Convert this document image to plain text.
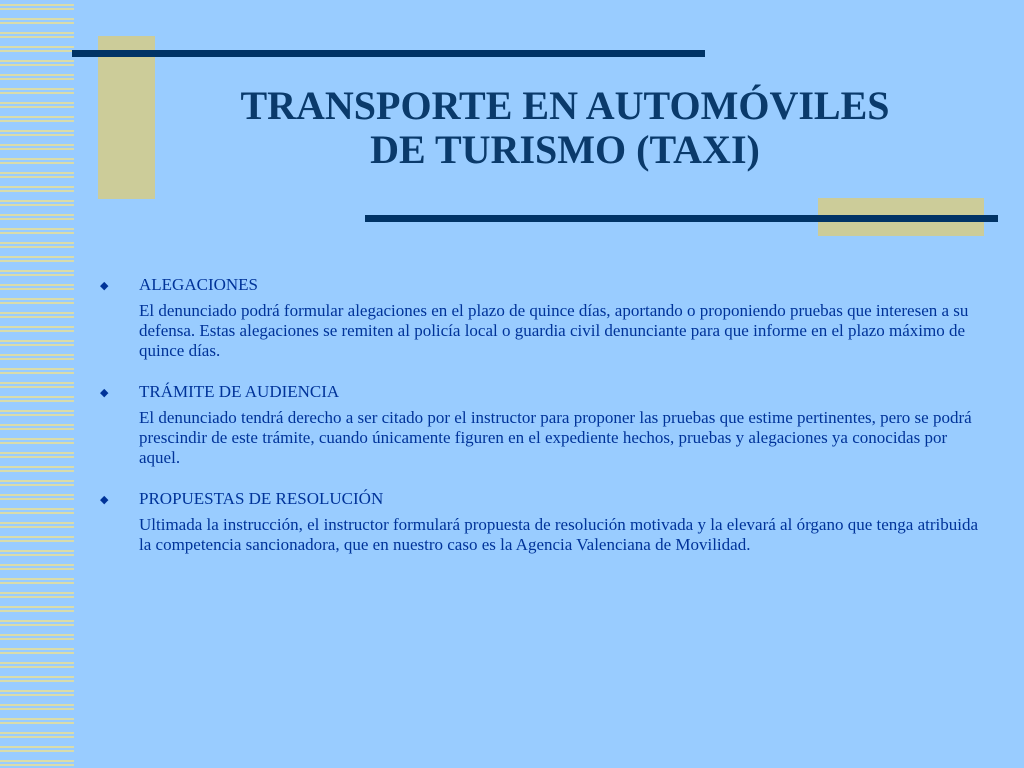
TRANSPORTE EN AUTOMÓVILES
DE TURISMO (TAXI)
◆ ALEGACIONES
El denunciado podrá formular alegaciones en el plazo de quince días, aportando o proponiendo pruebas que interesen a su defensa. Estas alegaciones se remiten al policía local o guardia civil denunciante para que informe en el plazo máximo de quince días.
◆ TRÁMITE DE AUDIENCIA
El denunciado tendrá derecho a ser citado por el instructor para proponer las pruebas que estime pertinentes, pero se podrá prescindir de este trámite, cuando únicamente figuren en el expediente hechos, pruebas y alegaciones ya conocidas por aquel.
◆ PROPUESTAS DE RESOLUCIÓN
Ultimada la instrucción, el instructor formulará propuesta de resolución motivada y la elevará al órgano que tenga atribuida la competencia sancionadora, que en nuestro caso es la Agencia Valenciana de Movilidad.
